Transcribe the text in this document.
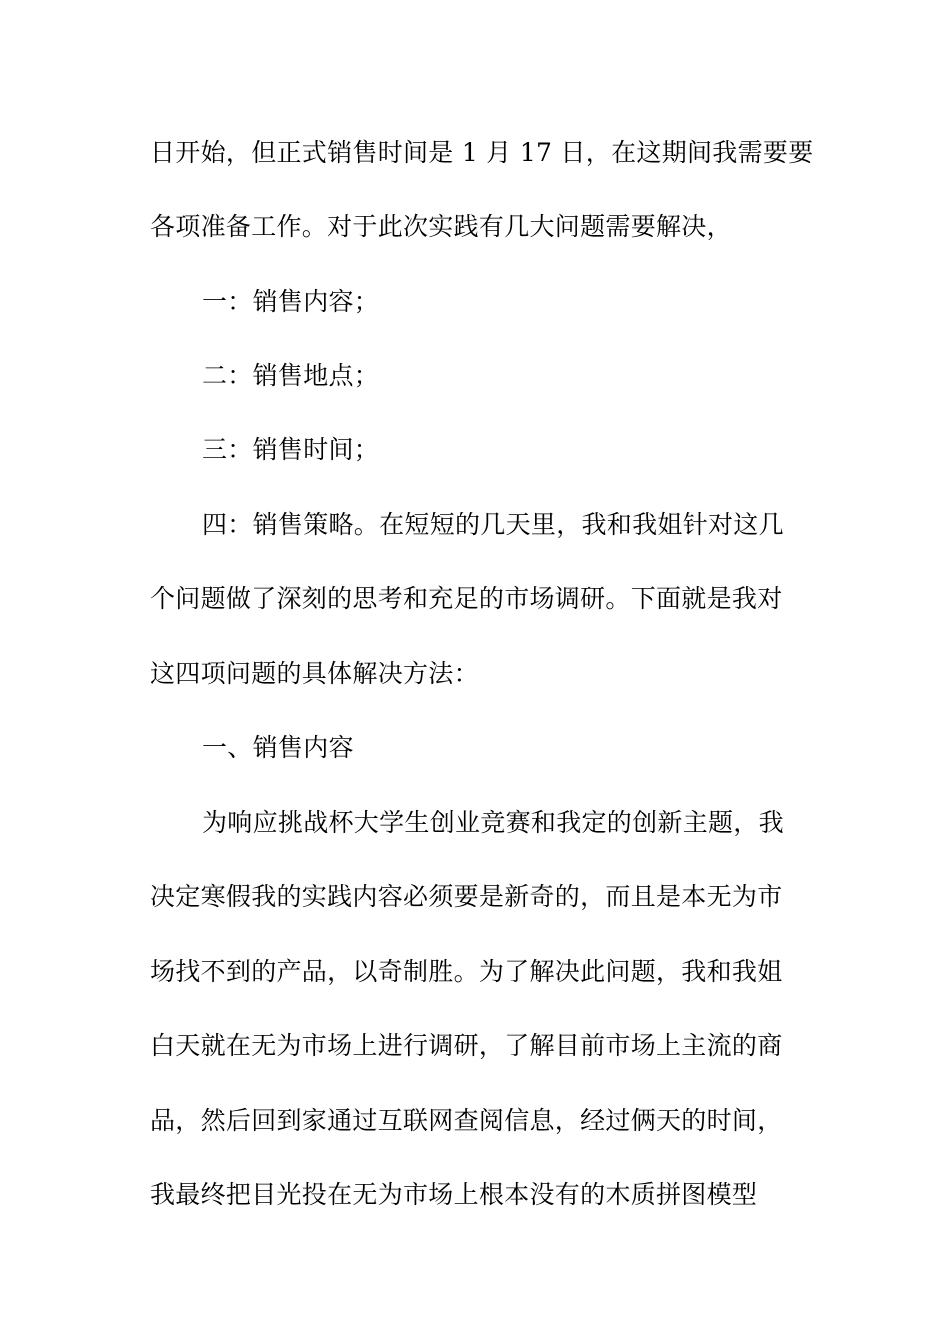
日开始，但正式销售时间是 1 月 17 日，在这期间我需要要
各项准备工作。对于此次实践有几大问题需要解决，
一：销售内容；
二：销售地点；
三：销售时间；
四：销售策略。在短短的几天里，我和我姐针对这几
个问题做了深刻的思考和充足的市场调研。下面就是我对
这四项问题的具体解决方法：
一、销售内容
为响应挑战杯大学生创业竞赛和我定的创新主题，我
决定寒假我的实践内容必须要是新奇的，而且是本无为市
场找不到的产品，以奇制胜。为了解决此问题，我和我姐
白天就在无为市场上进行调研，了解目前市场上主流的商
品，然后回到家通过互联网查阅信息，经过俩天的时间，
我最终把目光投在无为市场上根本没有的木质拼图模型
